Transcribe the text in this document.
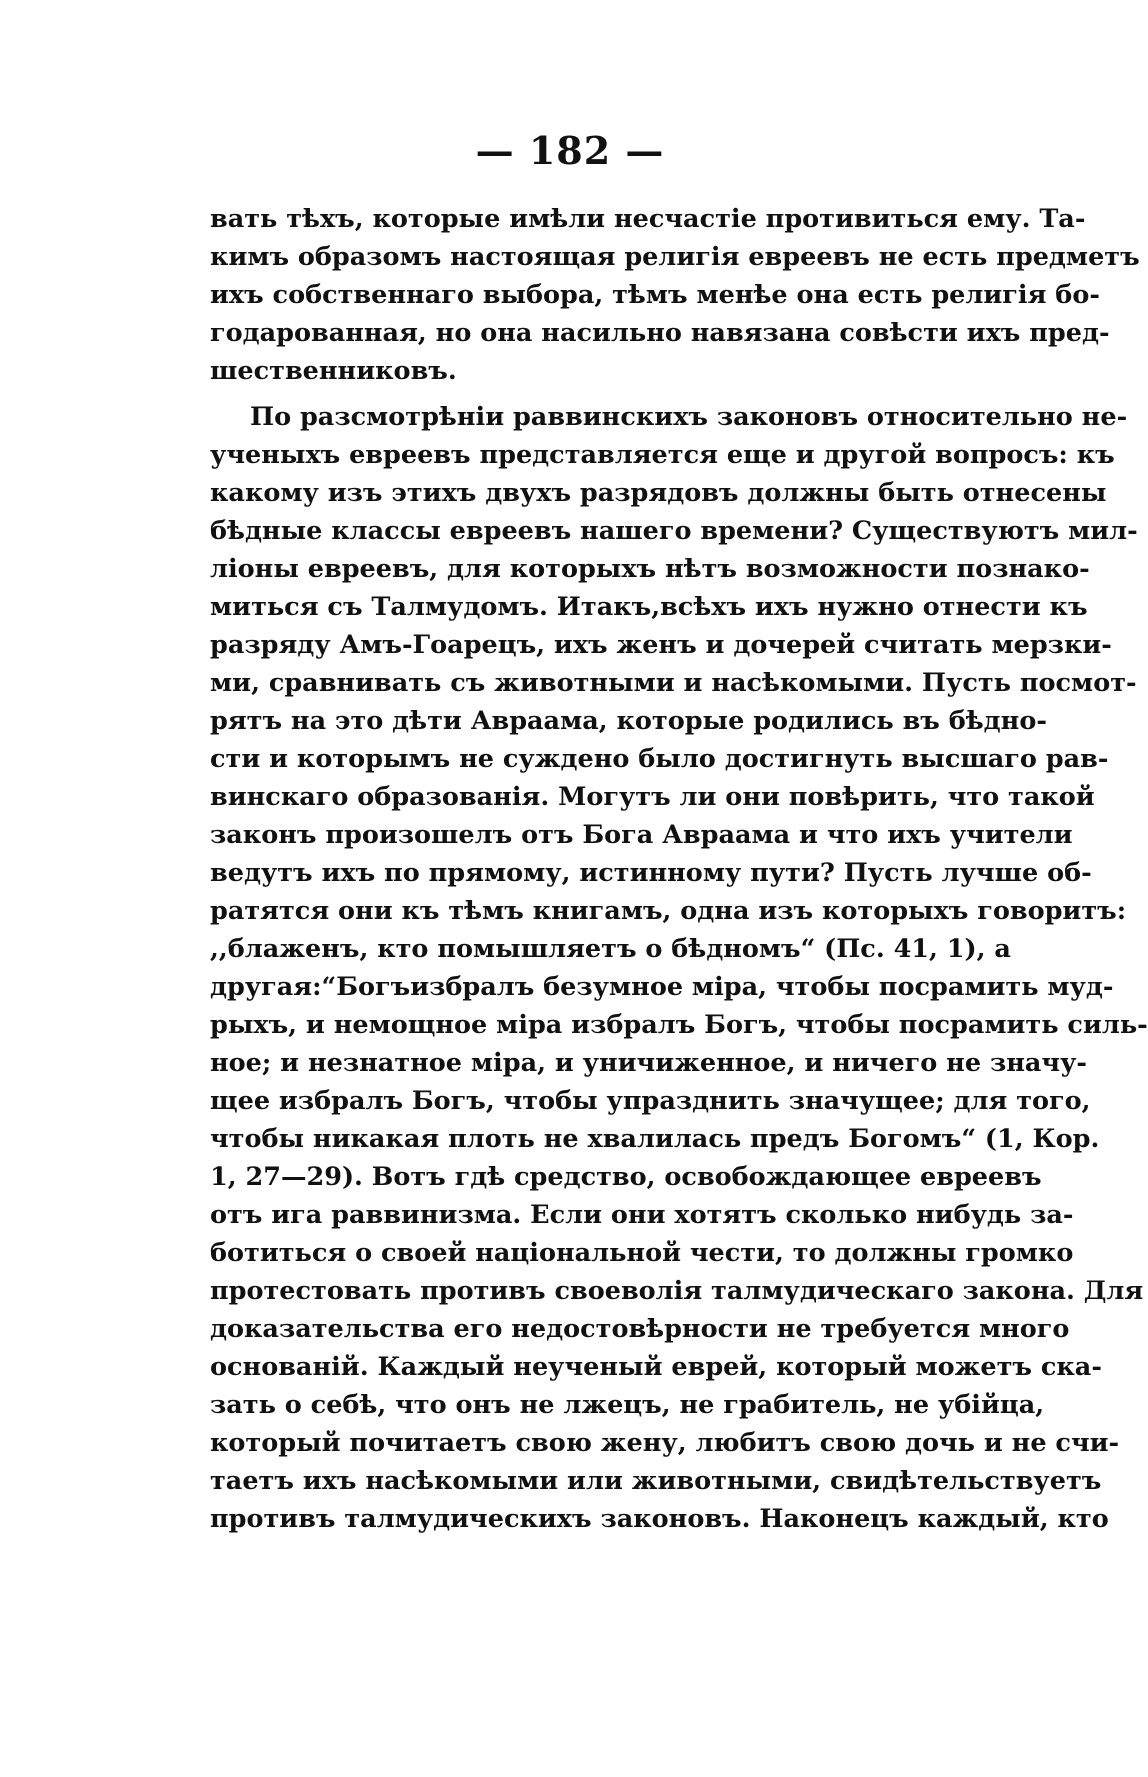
— 182 —
вать тѣхъ, которые имѣли несчастіе противиться ему. Та-
кимъ образомъ настоящая религія евреевъ не есть предметъ
ихъ собственнаго выбора, тѣмъ менѣе она есть религія бо-
годарованная, но она насильно навязана совѣсти ихъ пред-
шественниковъ.
По разсмотрѣніи раввинскихъ законовъ относительно не-
ученыхъ евреевъ представляется еще и другой вопросъ: къ
какому изъ этихъ двухъ разрядовъ должны быть отнесены
бѣдные классы евреевъ нашего времени? Существуютъ мил-
ліоны евреевъ, для которыхъ нѣтъ возможности познако-
миться съ Талмудомъ. Итакъ,всѣхъ ихъ нужно отнести къ
разряду Амъ-Гоарецъ, ихъ женъ и дочерей считать мерзки-
ми, сравнивать съ животными и насѣкомыми. Пусть посмот-
рятъ на это дѣти Авраама, которые родились въ бѣдно-
сти и которымъ не суждено было достигнуть высшаго рав-
винскаго образованія. Могутъ ли они повѣрить, что такой
законъ произошелъ отъ Бога Авраама и что ихъ учители
ведутъ ихъ по прямому, истинному пути? Пусть лучше об-
ратятся они къ тѣмъ книгамъ, одна изъ которыхъ говоритъ:
,,блаженъ, кто помышляетъ о бѣдномъ“ (Пс. 41, 1), а
другая:“Богъизбралъ безумное міра, чтобы посрамить муд-
рыхъ, и немощное міра избралъ Богъ, чтобы посрамить силь-
ное; и незнатное міра, и уничиженное, и ничего не значу-
щее избралъ Богъ, чтобы упразднить значущее; для того,
чтобы никакая плоть не хвалилась предъ Богомъ“ (1, Кор.
1, 27—29). Вотъ гдѣ средство, освобождающее евреевъ
отъ ига раввинизма. Если они хотятъ сколько нибудь за-
ботиться о своей національной чести, то должны громко
протестовать противъ своеволія талмудическаго закона. Для
доказательства его недостовѣрности не требуется много
основаній. Каждый неученый еврей, который можетъ ска-
зать о себѣ, что онъ не лжецъ, не грабитель, не убійца,
который почитаетъ свою жену, любитъ свою дочь и не счи-
таетъ ихъ насѣкомыми или животными, свидѣтельствуетъ
противъ талмудическихъ законовъ. Наконецъ каждый, кто
